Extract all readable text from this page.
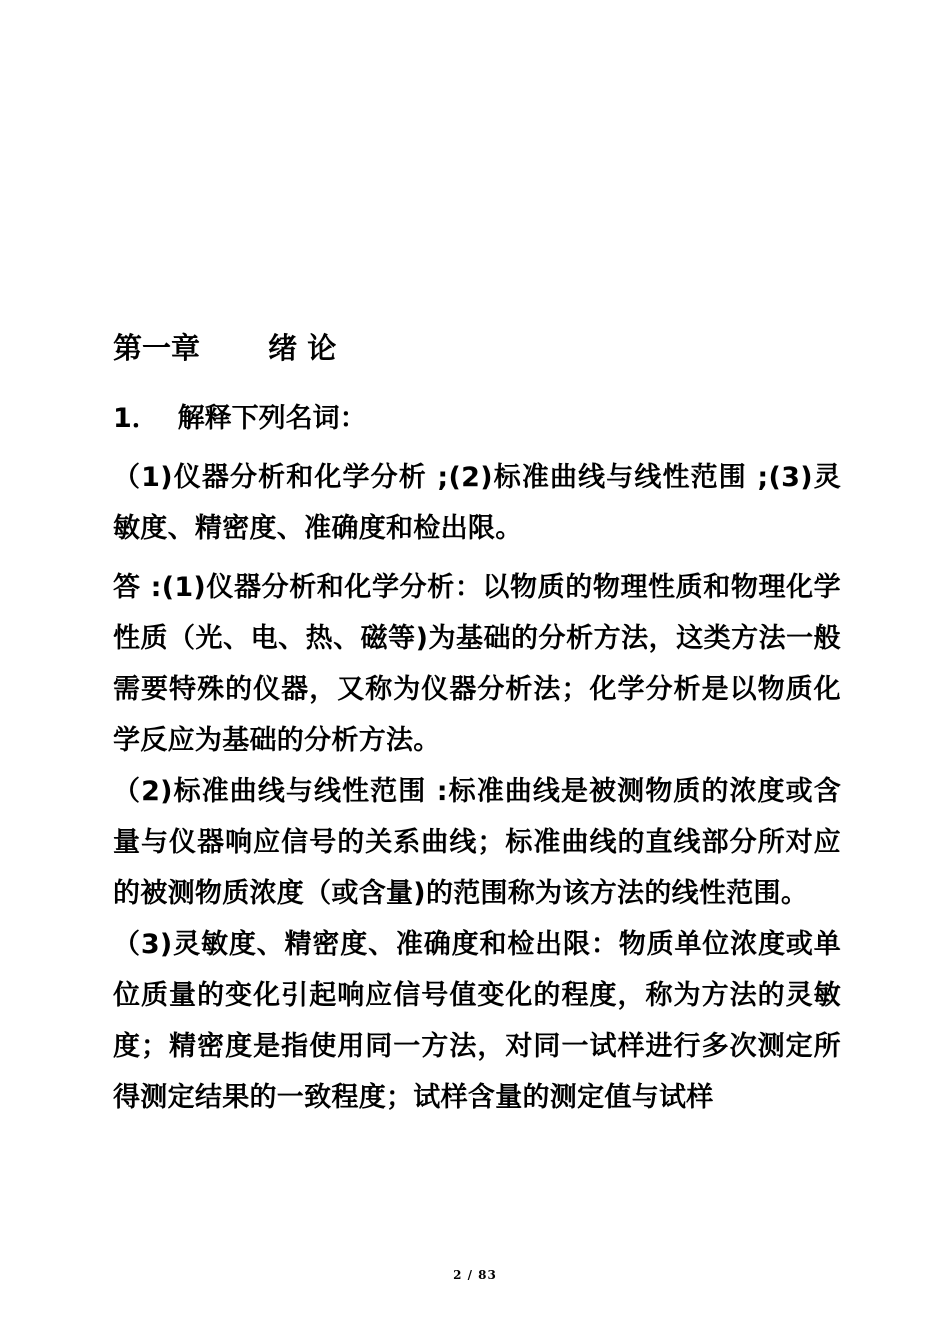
第一章　　 绪 论

1．  解释下列名词：

（1)仪器分析和化学分析 ;(2)标准曲线与线性范围 ;(3)灵敏度、精密度、准确度和检出限。

答 :(1)仪器分析和化学分析：以物质的物理性质和物理化学性质（光、电、热、磁等)为基础的分析方法，这类方法一般需要特殊的仪器，又称为仪器分析法；化学分析是以物质化学反应为基础的分析方法。

（2)标准曲线与线性范围 :标准曲线是被测物质的浓度或含量与仪器响应信号的关系曲线；标准曲线的直线部分所对应的被测物质浓度（或含量)的范围称为该方法的线性范围。

（3)灵敏度、精密度、准确度和检出限：物质单位浓度或单位质量的变化引起响应信号值变化的程度，称为方法的灵敏度；精密度是指使用同一方法，对同一试样进行多次测定所得测定结果的一致程度；试样含量的测定值与试样

2 / 83
